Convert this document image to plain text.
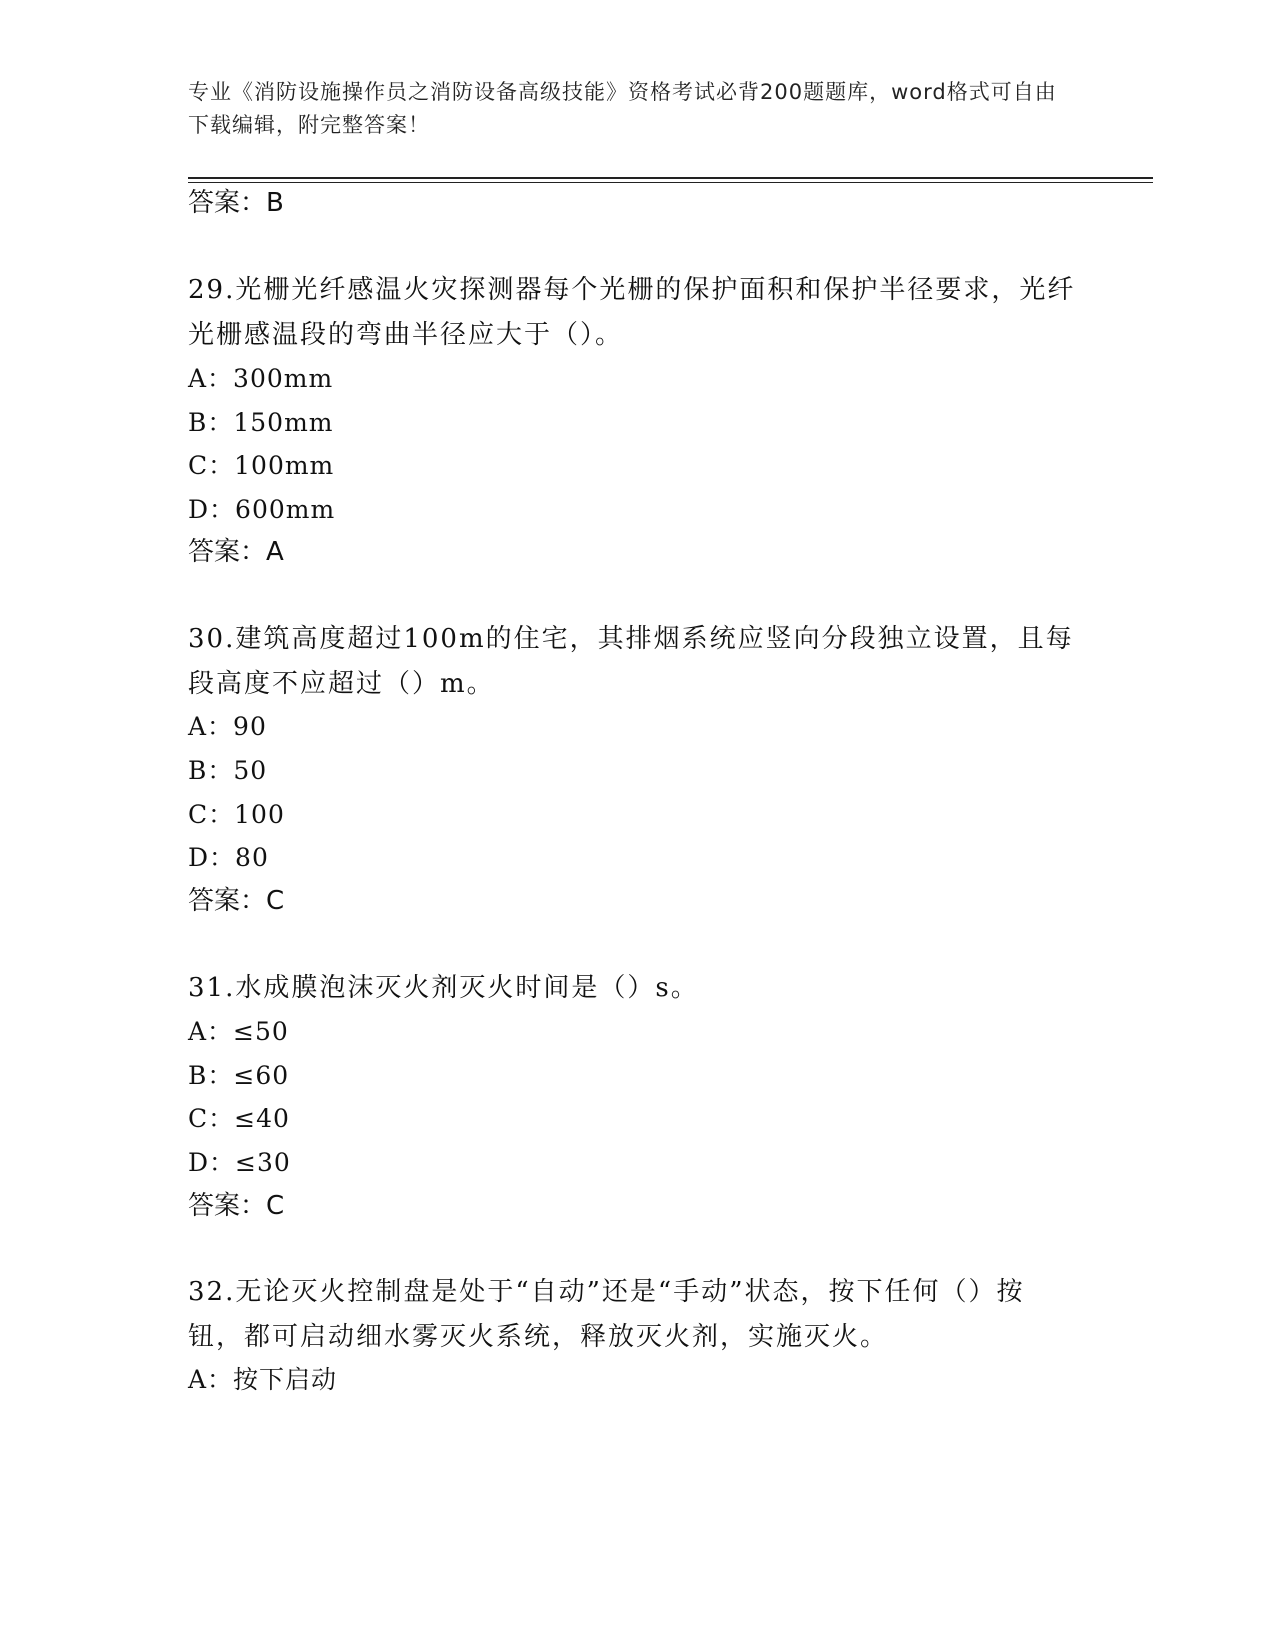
专业《消防设施操作员之消防设备高级技能》资格考试必背200题题库，word格式可自由下载编辑，附完整答案！
答案：B
29.光栅光纤感温火灾探测器每个光栅的保护面积和保护半径要求，光纤光栅感温段的弯曲半径应大于（）。
A：300mm
B：150mm
C：100mm
D：600mm
答案：A
30.建筑高度超过100m的住宅，其排烟系统应竖向分段独立设置，且每段高度不应超过（）m。
A：90
B：50
C：100
D：80
答案：C
31.水成膜泡沫灭火剂灭火时间是（）s。
A：≤50
B：≤60
C：≤40
D：≤30
答案：C
32.无论灭火控制盘是处于“自动”还是“手动”状态，按下任何（）按钮，都可启动细水雾灭火系统，释放灭火剂，实施灭火。
A：按下启动
